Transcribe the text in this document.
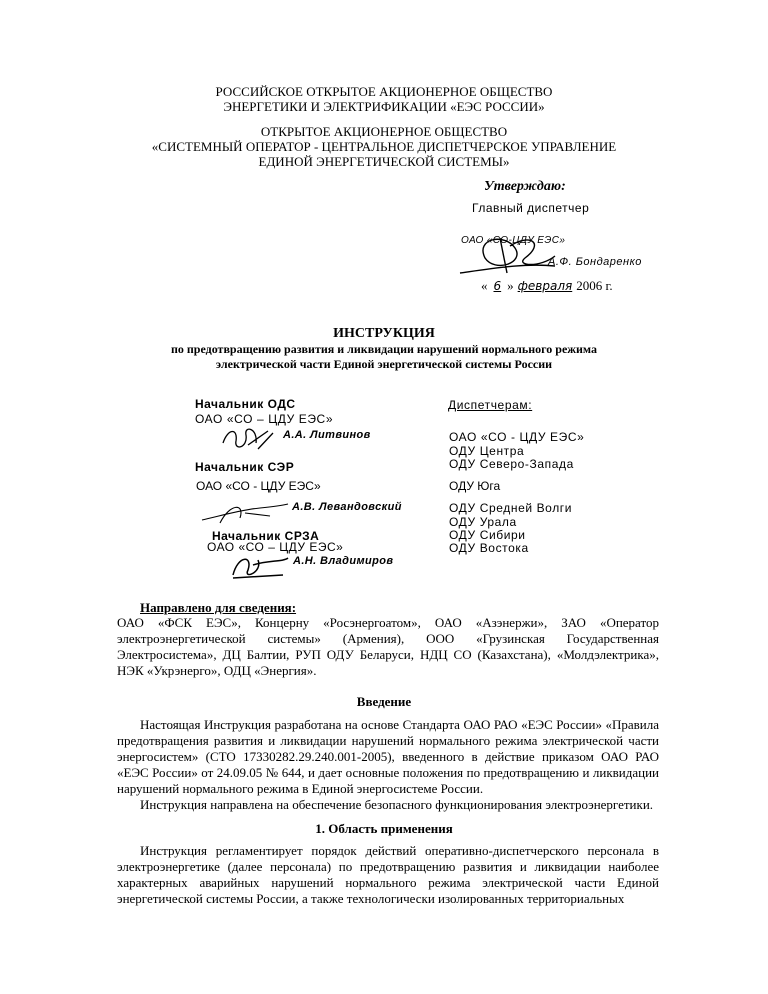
РОССИЙСКОЕ ОТКРЫТОЕ АКЦИОНЕРНОЕ ОБЩЕСТВО
ЭНЕРГЕТИКИ И ЭЛЕКТРИФИКАЦИИ «ЕЭС РОССИИ»
ОТКРЫТОЕ АКЦИОНЕРНОЕ ОБЩЕСТВО
«СИСТЕМНЫЙ ОПЕРАТОР - ЦЕНТРАЛЬНОЕ ДИСПЕТЧЕРСКОЕ УПРАВЛЕНИЕ
ЕДИНОЙ ЭНЕРГЕТИЧЕСКОЙ СИСТЕМЫ»
Утверждаю:
Главный диспетчер
ОАО «СО-ЦДУ ЕЭС»
А.Ф. Бондаренко
« 6 » февраля 2006 г.
ИНСТРУКЦИЯ
по предотвращению развития и ликвидации нарушений нормального режима
электрической части Единой энергетической системы России
Начальник ОДС
ОАО «СО – ЦДУ ЕЭС»
А.А. Литвинов
Начальник СЭР
ОАО «СО - ЦДУ ЕЭС»
А.В. Левандовский
Начальник СРЗА
ОАО «СО – ЦДУ ЕЭС»
А.Н. Владимиров
Диспетчерам:
ОАО «СО - ЦДУ ЕЭС»
ОДУ Центра
ОДУ Северо-Запада
ОДУ Юга
ОДУ Средней Волги
ОДУ Урала
ОДУ Сибири
ОДУ Востока
Направлено для сведения:

ОАО «ФСК ЕЭС», Концерну «Росэнергоатом», ОАО «Азэнержи», ЗАО «Оператор электроэнергетической системы» (Армения), ООО «Грузинская Государственная Электросистема», ДЦ Балтии, РУП ОДУ Беларуси, НДЦ СО (Казахстана), «Молдэлектрика», НЭК «Укрэнерго», ОДЦ «Энергия».

Введение

Настоящая Инструкция разработана на основе Стандарта ОАО РАО «ЕЭС России» «Правила предотвращения развития и ликвидации нарушений нормального режима электрической части энергосистем» (СТО 17330282.29.240.001-2005), введенного в действие приказом ОАО РАО «ЕЭС России» от 24.09.05 № 644, и дает основные положения по предотвращению и ликвидации нарушений нормального режима в Единой энергосистеме России.

Инструкция направлена на обеспечение безопасного функционирования электроэнергетики.

1. Область применения

Инструкция регламентирует порядок действий оперативно-диспетчерского персонала в электроэнергетике (далее персонала) по предотвращению развития и ликвидации наиболее характерных аварийных нарушений нормального режима электрической части Единой энергетической системы России, а также технологически изолированных территориальных
